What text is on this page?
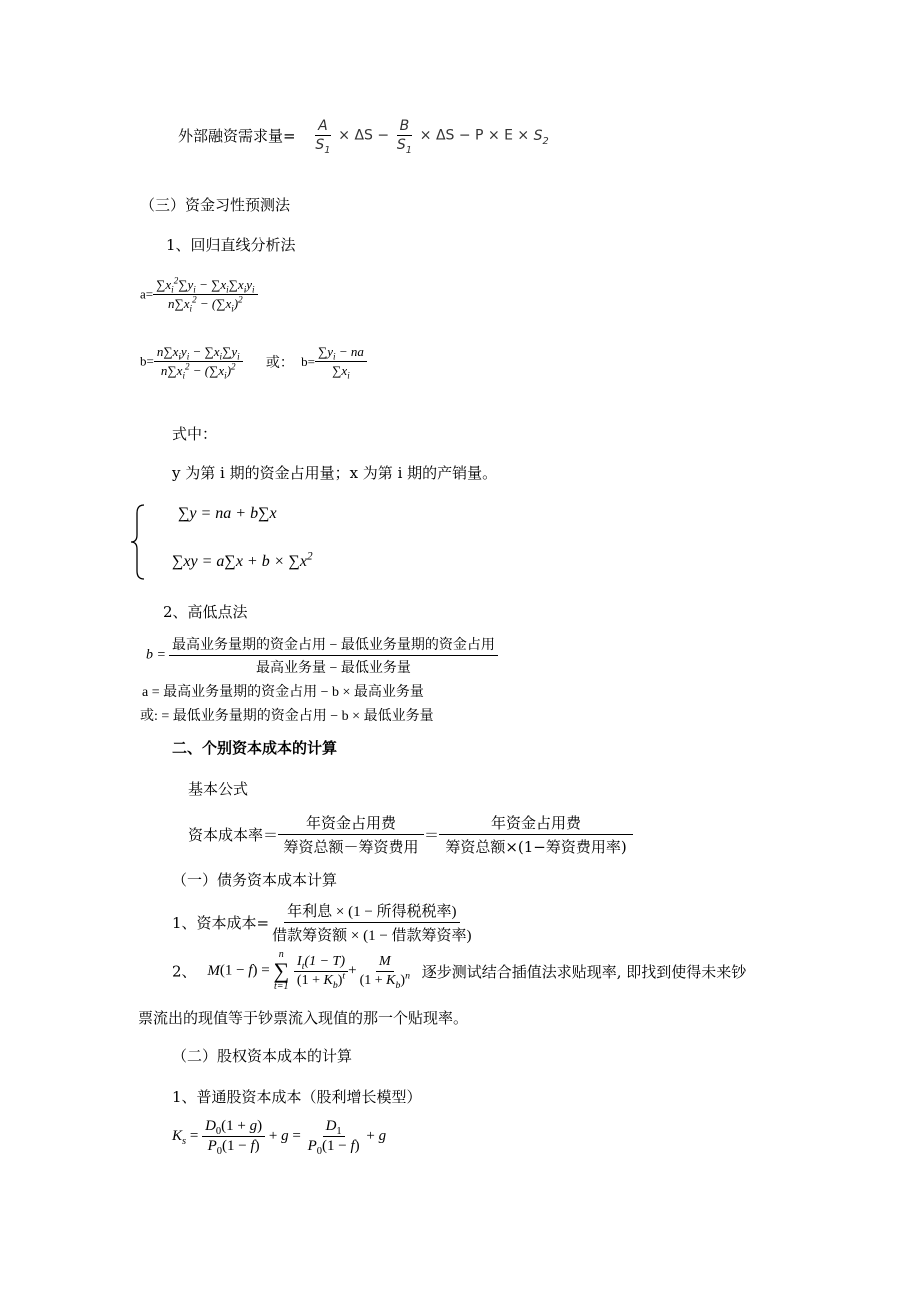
外部融资需求量= $\frac{A}{S_1} \times \Delta S - \frac{B}{S_1} \times \Delta S - P \times E \times S_2$
（三）资金习性预测法
1、回归直线分析法
$a= \frac{\sum x_i^2\sum y_i - \sum x_i\sum x_iy_i}{n\sum x_i^2 - (\sum x_i)^2}$
$b= \frac{n\sum x_iy_i - \sum x_i\sum y_i}{n\sum x_i^2 - (\sum x_i)^2}$ 或： $b= \frac{\sum y_i - na}{\sum x_i}$
式中：
y 为第 i 期的资金占用量；x 为第 i 期的产销量。
∑y = na + b∑x
$\sum xy = a\sum x + b \times \sum x^2$
2、高低点法
$b = \frac{\text{最高业务量期的资金占用 − 最低业务量期的资金占用}}{\text{最高业务量 − 最低业务量}}$
a = 最高业务量期的资金占用 − b × 最高业务量
或: = 最低业务量期的资金占用 − b × 最低业务量
二、个别资本成本的计算
基本公式
资本成本率＝ $\frac{\text{年资金占用费}}{\text{筹资总额－筹资费用}} = \frac{\text{年资金占用费}}{\text{筹资总额×(1−筹资费用率)}}$
（一）债务资本成本计算
1、资本成本= $\frac{\text{年利息 × (1 − 所得税税率)}}{\text{借款筹资额 × (1 − 借款筹资率)}}$
2、 M(1 − f) =
n
∑
t=1
$\frac{I_t(1 - T)}{(1 + K_b)^t} + \frac{M}{(1 + K_b)^n}$ 逐步测试结合插值法求贴现率, 即找到使得未来钞
票流出的现值等于钞票流入现值的那一个贴现率。
（二）股权资本成本的计算
1、普通股资本成本（股利增长模型）
$K_s = \frac{D_0(1 + g)}{P_0(1 - f)} + g = \frac{D_1}{P_0(1 - f)} + g$
